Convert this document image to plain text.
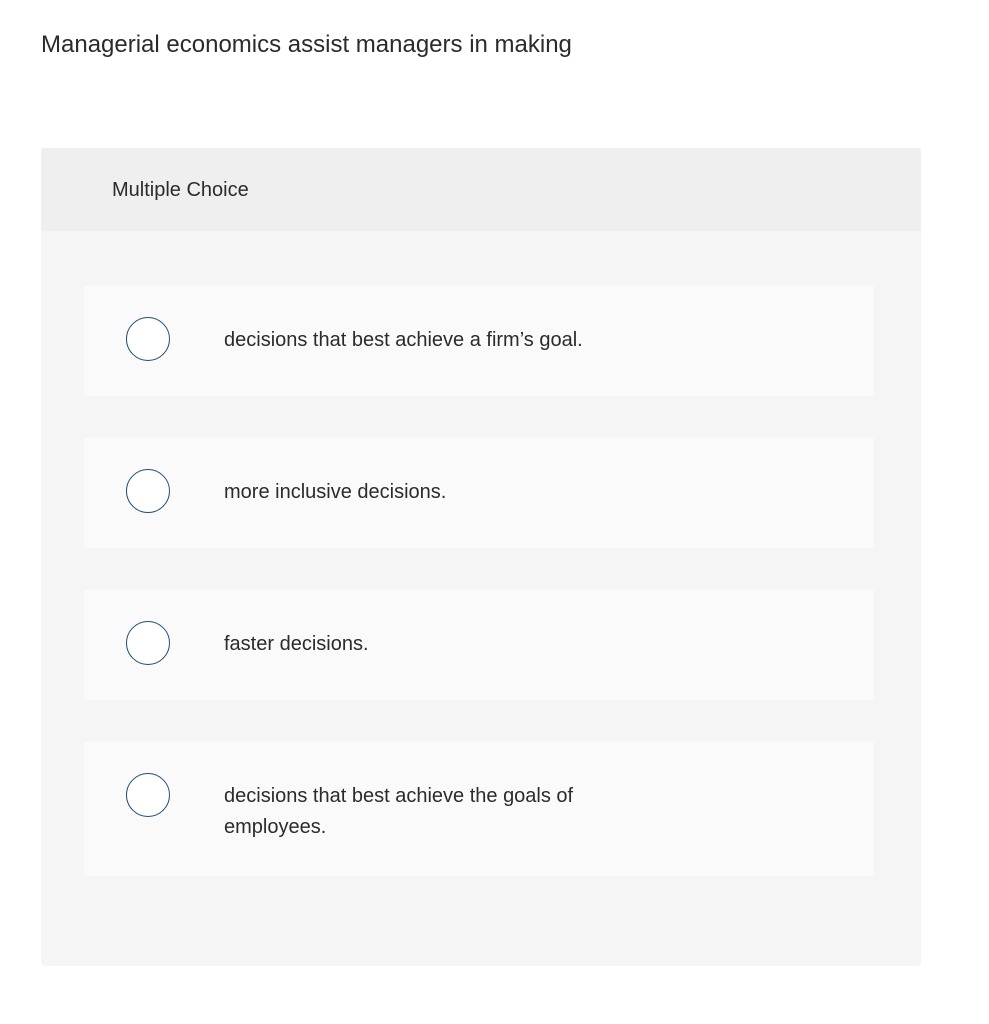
Managerial economics assist managers in making
Multiple Choice
decisions that best achieve a firm’s goal.
more inclusive decisions.
faster decisions.
decisions that best achieve the goals of employees.
